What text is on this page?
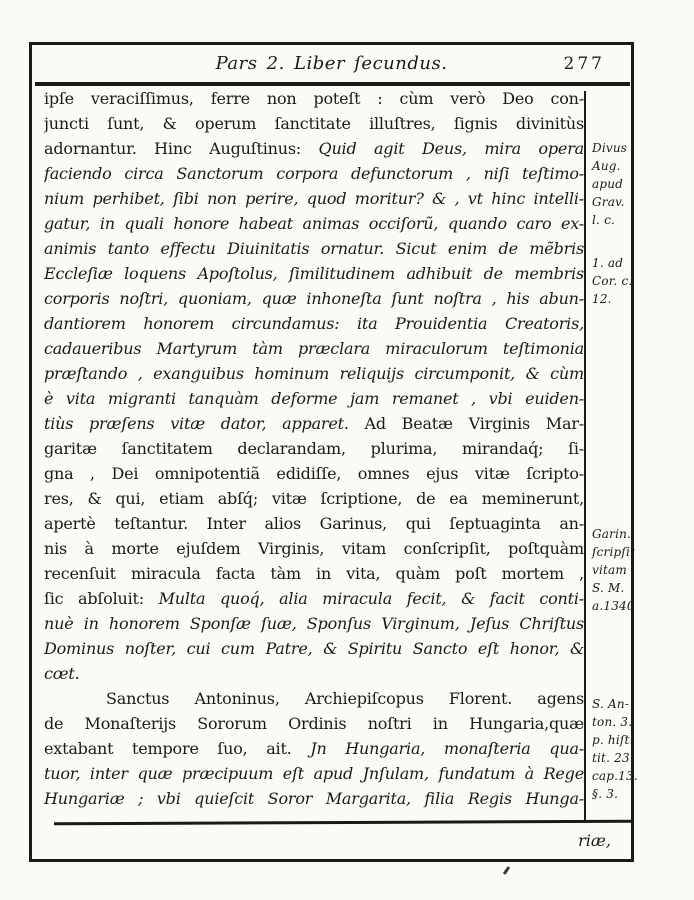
Pars 2. Liber ſecundus.	277
ipſe veraciſſimus, ferre non poteſt : cùm verò Deo con-
juncti ſunt, & operum ſanctitate illuſtres, ſignis divinitùs
adornantur. Hinc Auguſtinus: Quid agit Deus, mira opera
faciendo circa Sanctorum corpora defunctorum , niſi teſtimo-
nium perhibet, ſibi non perire, quod moritur? & , vt hinc intelli-
gatur, in quali honore habeat animas occiſorũ, quando caro ex-
animis tanto effectu Diuinitatis ornatur. Sicut enim de mẽbris
Eccleſiæ loquens Apoſtolus, ſimilitudinem adhibuit de membris
corporis noſtri, quoniam, quæ inhoneſta ſunt noſtra , his abun-
dantiorem honorem circundamus: ita Prouidentia Creatoris,
cadaueribus Martyrum tàm præclara miraculorum teſtimonia
præſtando , exanguibus hominum reliquijs circumponit, & cùm
è vita migranti tanquàm deforme jam remanet , vbi euiden-
tiùs præſens vitæ dator, apparet. Ad Beatæ Virginis Mar-
garitæ ſanctitatem declarandam, plurima, mirandaq́; ſi-
gna , Dei omnipotentiã edidiſſe, omnes ejus vitæ ſcripto-
res, & qui, etiam abſq́; vitæ ſcriptione, de ea meminerunt,
apertè teſtantur. Inter alios Garinus, qui ſeptuaginta an-
nis à morte ejuſdem Virginis, vitam conſcripſit, poſtquàm
recenſuit miracula facta tàm in vita, quàm poſt mortem ,
ſic abſoluit: Multa quoq́, alia miracula fecit, & facit conti-
nuè in honorem Sponſæ ſuæ, Sponſus Virginum, Jeſus Chriſtus
Dominus noſter, cui cum Patre, & Spiritu Sancto eſt honor, &
cœt.
Sanctus Antoninus, Archiepiſcopus Florent. agens
de Monaſterijs Sororum Ordinis noſtri in Hungaria,quæ
extabant tempore ſuo, ait. Jn Hungaria, monaſteria qua-
tuor, inter quæ præcipuum eſt apud Jnſulam, fundatum à Rege
Hungariæ ; vbi quieſcit Soror Margarita, filia Regis Hunga-
Divus
Aug.
apud
Grav.
l. c.
1. ad
Cor. c.
12.
Garin.
ſcripſit
vitam
S. M.
a.1340
S. An-
ton. 3.
p. hiſt.
tit. 23.
cap.13.
§. 3.
riæ,
